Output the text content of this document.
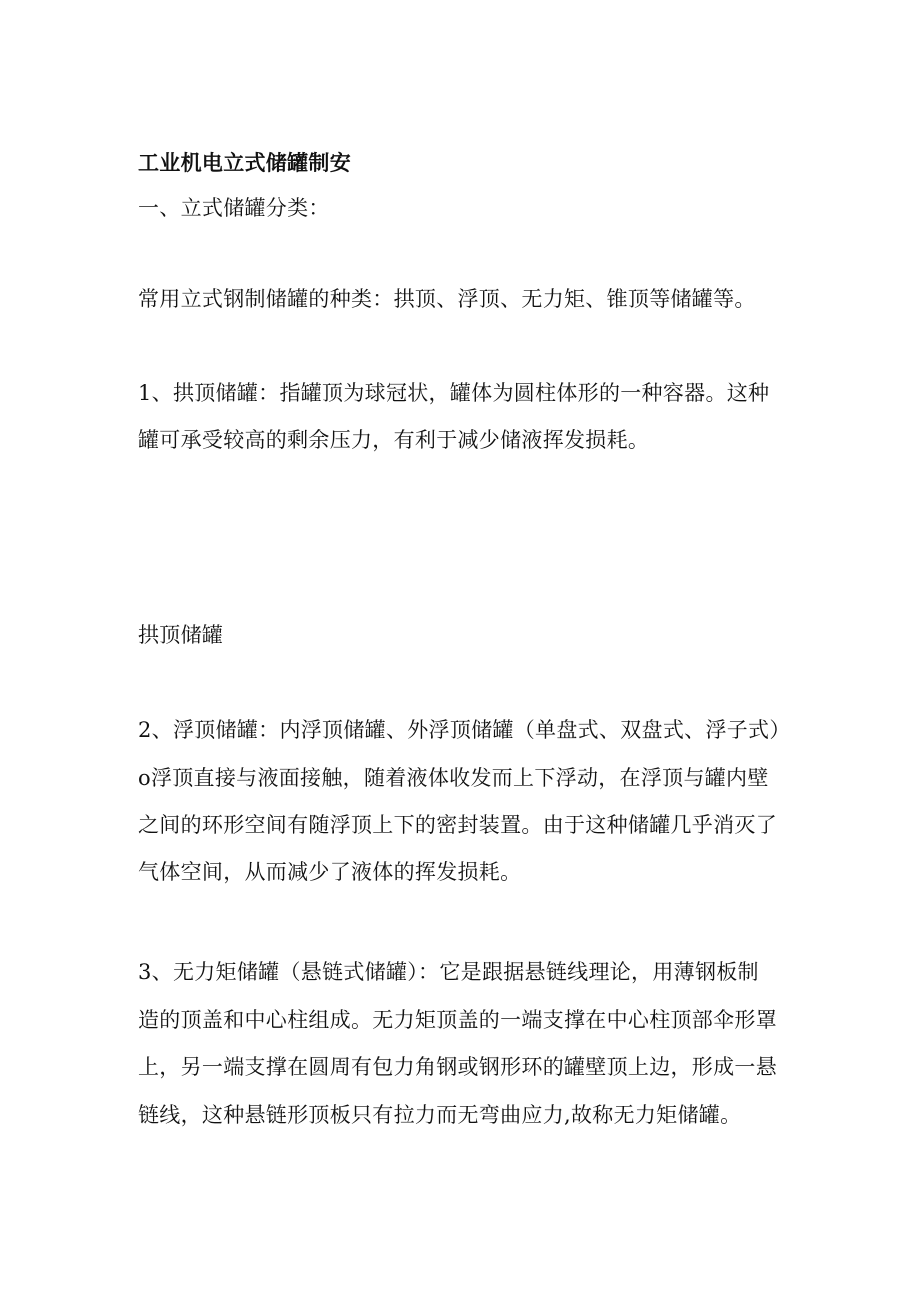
工业机电立式储罐制安
一、立式储罐分类：
常用立式钢制储罐的种类：拱顶、浮顶、无力矩、锥顶等储罐等。
1、拱顶储罐：指罐顶为球冠状，罐体为圆柱体形的一种容器。这种
罐可承受较高的剩余压力，有利于减少储液挥发损耗。
拱顶储罐
2、浮顶储罐：内浮顶储罐、外浮顶储罐（单盘式、双盘式、浮子式）
o浮顶直接与液面接触，随着液体收发而上下浮动，在浮顶与罐内壁
之间的环形空间有随浮顶上下的密封装置。由于这种储罐几乎消灭了
气体空间，从而减少了液体的挥发损耗。
3、无力矩储罐（悬链式储罐）：它是跟据悬链线理论，用薄钢板制
造的顶盖和中心柱组成。无力矩顶盖的一端支撑在中心柱顶部伞形罩
上，另一端支撑在圆周有包力角钢或钢形环的罐壁顶上边，形成一悬
链线，这种悬链形顶板只有拉力而无弯曲应力,故称无力矩储罐。
